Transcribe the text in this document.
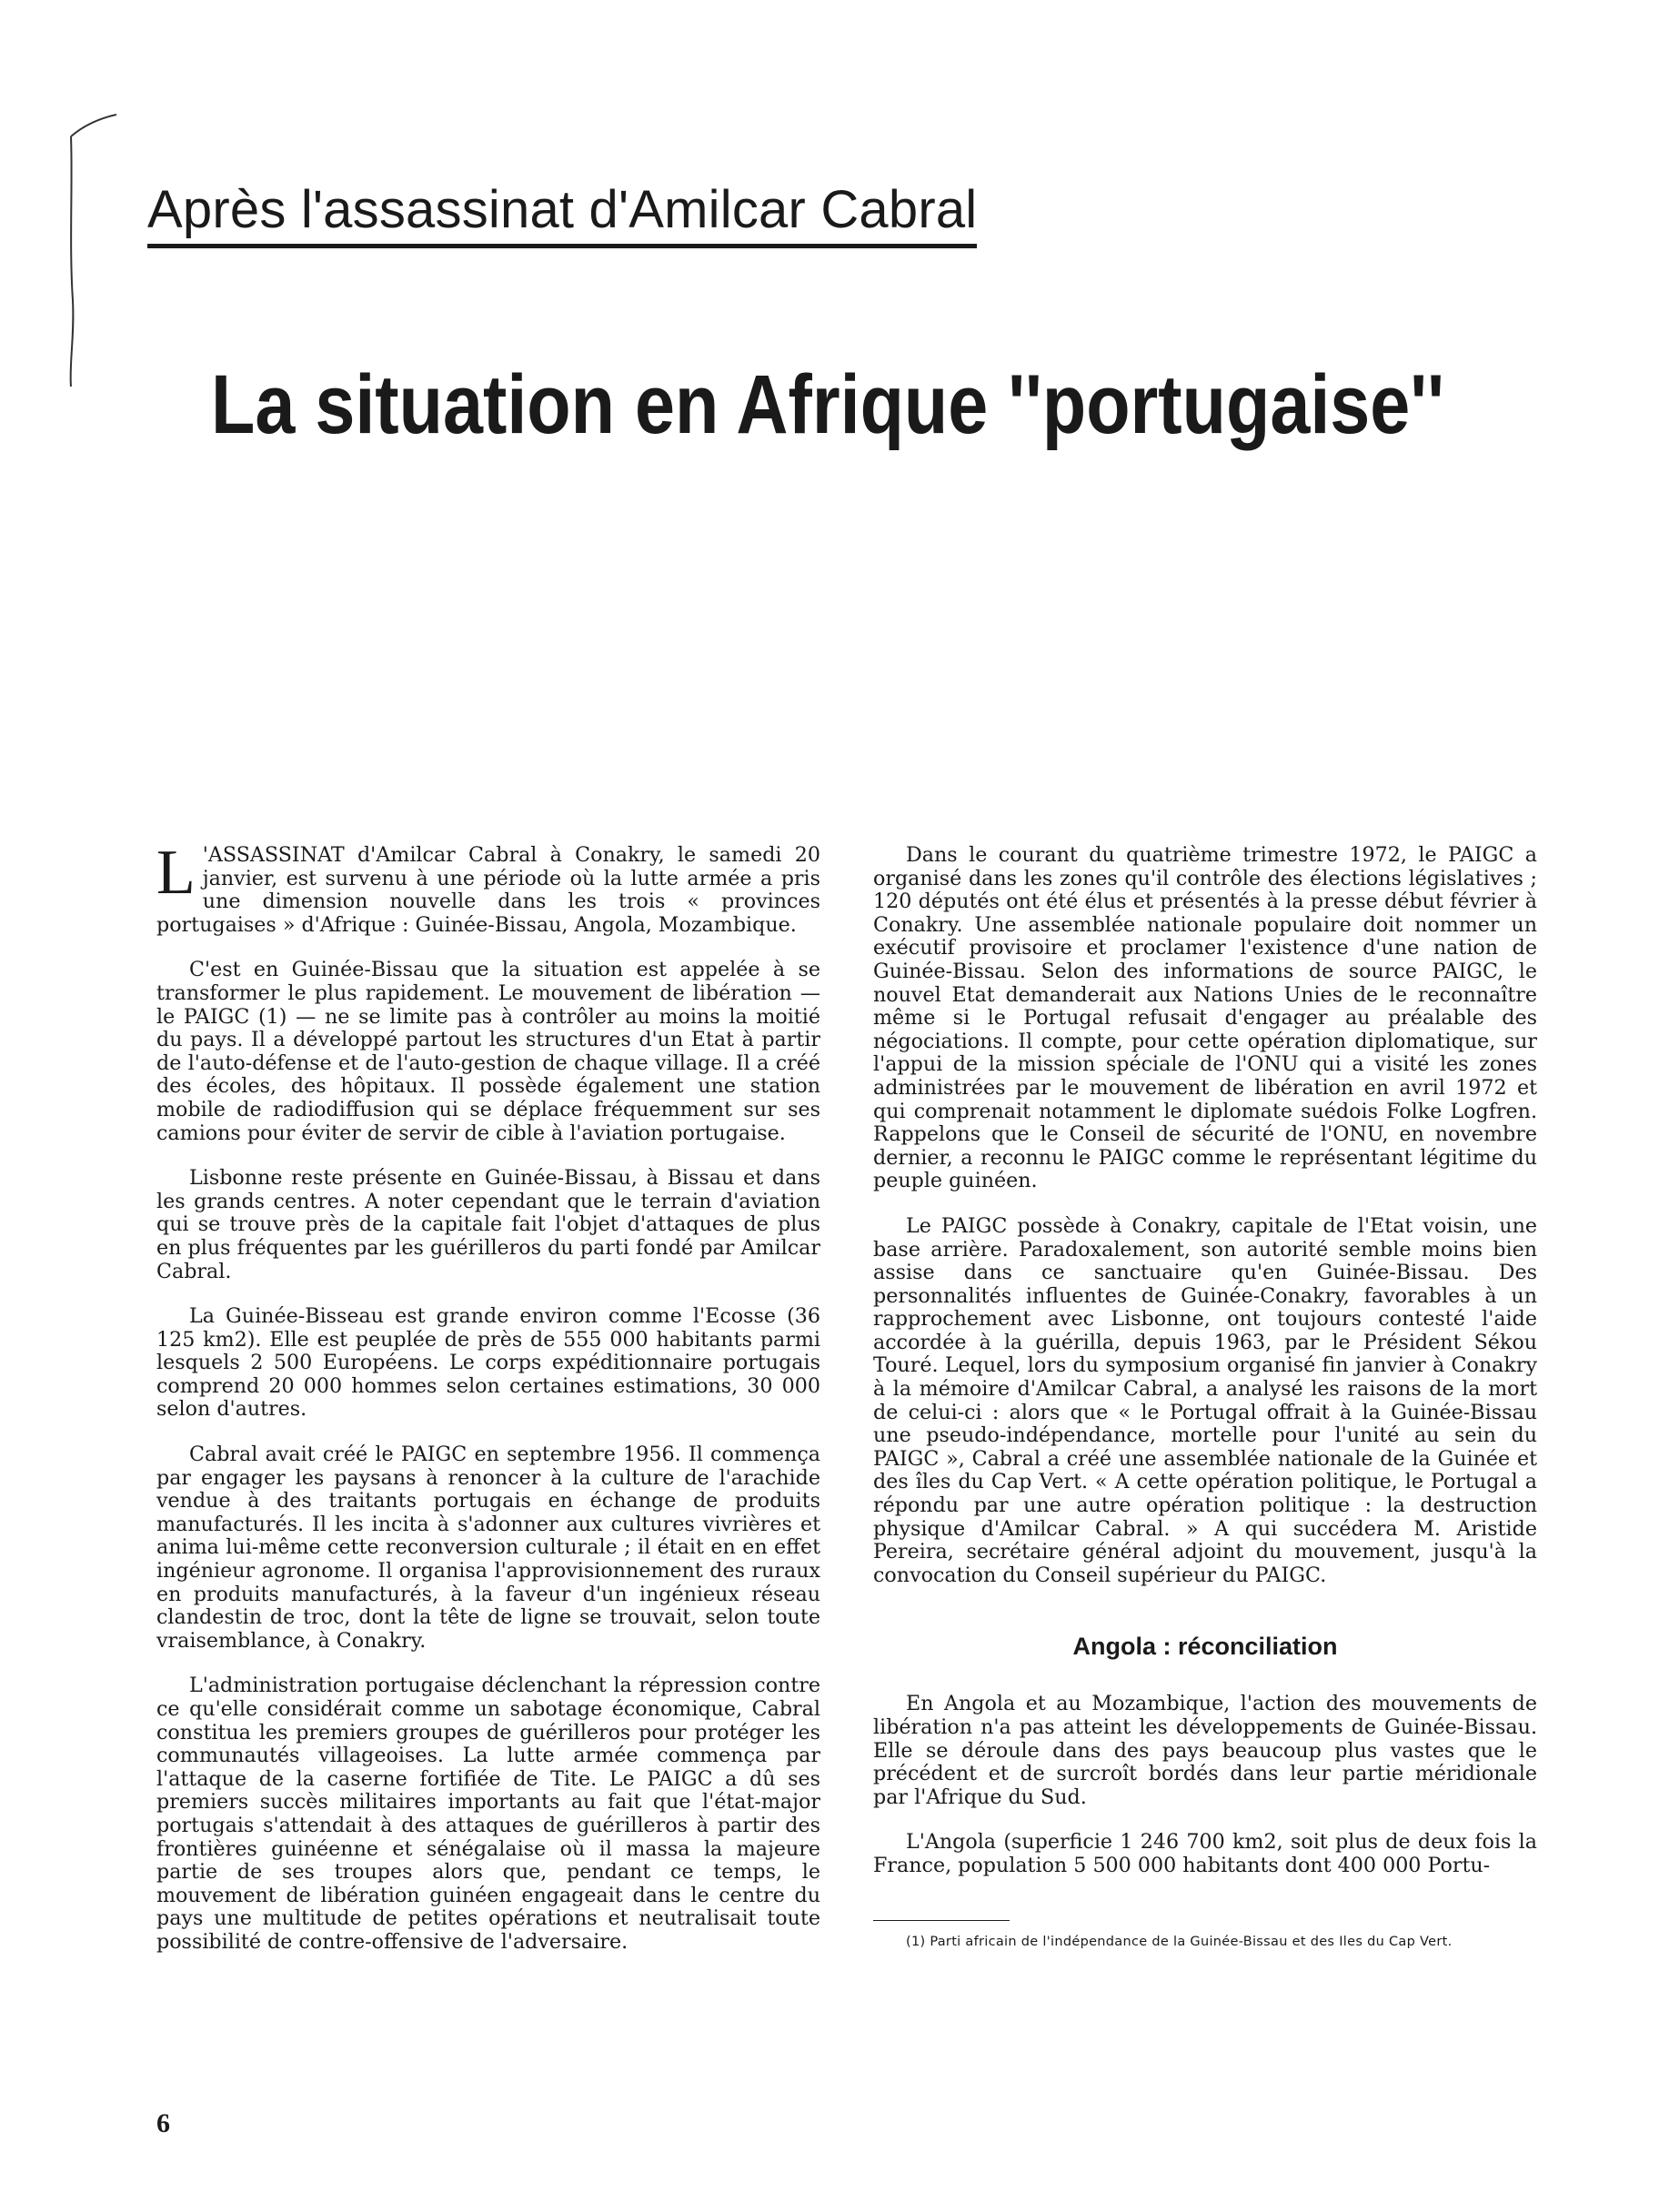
Après l'assassinat d'Amilcar Cabral
La situation en Afrique ''portugaise''

L 'ASSASSINAT d'Amilcar Cabral à Conakry, le samedi 20 janvier, est survenu à une période où la lutte armée a pris une dimension nouvelle dans les trois « provinces portugaises » d'Afrique : Guinée-Bissau, Angola, Mozambique.

C'est en Guinée-Bissau que la situation est appelée à se transformer le plus rapidement. Le mouvement de libération — le PAIGC (1) — ne se limite pas à contrôler au moins la moitié du pays. Il a développé partout les structures d'un Etat à partir de l'auto-défense et de l'auto-gestion de chaque village. Il a créé des écoles, des hôpitaux. Il possède également une station mobile de radiodiffusion qui se déplace fréquemment sur ses camions pour éviter de servir de cible à l'aviation portugaise.

Lisbonne reste présente en Guinée-Bissau, à Bissau et dans les grands centres. A noter cependant que le terrain d'aviation qui se trouve près de la capitale fait l'objet d'attaques de plus en plus fréquentes par les guérilleros du parti fondé par Amilcar Cabral.

La Guinée-Bisseau est grande environ comme l'Ecosse (36 125 km2). Elle est peuplée de près de 555 000 habitants parmi lesquels 2 500 Européens. Le corps expéditionnaire portugais comprend 20 000 hommes selon certaines estimations, 30 000 selon d'autres.

Cabral avait créé le PAIGC en septembre 1956. Il commença par engager les paysans à renoncer à la culture de l'arachide vendue à des traitants portugais en échange de produits manufacturés. Il les incita à s'adonner aux cultures vivrières et anima lui-même cette reconversion culturale ; il était en en effet ingénieur agronome. Il organisa l'approvisionnement des ruraux en produits manufacturés, à la faveur d'un ingénieux réseau clandestin de troc, dont la tête de ligne se trouvait, selon toute vraisemblance, à Conakry.

L'administration portugaise déclenchant la répression contre ce qu'elle considérait comme un sabotage économique, Cabral constitua les premiers groupes de guérilleros pour protéger les communautés villageoises. La lutte armée commença par l'attaque de la caserne fortifiée de Tite. Le PAIGC a dû ses premiers succès militaires importants au fait que l'état-major portugais s'attendait à des attaques de guérilleros à partir des frontières guinéenne et sénégalaise où il massa la majeure partie de ses troupes alors que, pendant ce temps, le mouvement de libération guinéen engageait dans le centre du pays une multitude de petites opérations et neutralisait toute possibilité de contre-offensive de l'adversaire.

Dans le courant du quatrième trimestre 1972, le PAIGC a organisé dans les zones qu'il contrôle des élections législatives ; 120 députés ont été élus et présentés à la presse début février à Conakry. Une assemblée nationale populaire doit nommer un exécutif provisoire et proclamer l'existence d'une nation de Guinée-Bissau. Selon des informations de source PAIGC, le nouvel Etat demanderait aux Nations Unies de le reconnaître même si le Portugal refusait d'engager au préalable des négociations. Il compte, pour cette opération diplomatique, sur l'appui de la mission spéciale de l'ONU qui a visité les zones administrées par le mouvement de libération en avril 1972 et qui comprenait notamment le diplomate suédois Folke Logfren. Rappelons que le Conseil de sécurité de l'ONU, en novembre dernier, a reconnu le PAIGC comme le représentant légitime du peuple guinéen.

Le PAIGC possède à Conakry, capitale de l'Etat voisin, une base arrière. Paradoxalement, son autorité semble moins bien assise dans ce sanctuaire qu'en Guinée-Bissau. Des personnalités influentes de Guinée-Conakry, favorables à un rapprochement avec Lisbonne, ont toujours contesté l'aide accordée à la guérilla, depuis 1963, par le Président Sékou Touré. Lequel, lors du symposium organisé fin janvier à Conakry à la mémoire d'Amilcar Cabral, a analysé les raisons de la mort de celui-ci : alors que « le Portugal offrait à la Guinée-Bissau une pseudo-indépendance, mortelle pour l'unité au sein du PAIGC », Cabral a créé une assemblée nationale de la Guinée et des îles du Cap Vert. « A cette opération politique, le Portugal a répondu par une autre opération politique : la destruction physique d'Amilcar Cabral. » A qui succédera M. Aristide Pereira, secrétaire général adjoint du mouvement, jusqu'à la convocation du Conseil supérieur du PAIGC.

Angola : réconciliation

En Angola et au Mozambique, l'action des mouvements de libération n'a pas atteint les développements de Guinée-Bissau. Elle se déroule dans des pays beaucoup plus vastes que le précédent et de surcroît bordés dans leur partie méridionale par l'Afrique du Sud.

L'Angola (superficie 1 246 700 km2, soit plus de deux fois la France, population 5 500 000 habitants dont 400 000 Portu-

(1) Parti africain de l'indépendance de la Guinée-Bissau et des Iles du Cap Vert.

6
